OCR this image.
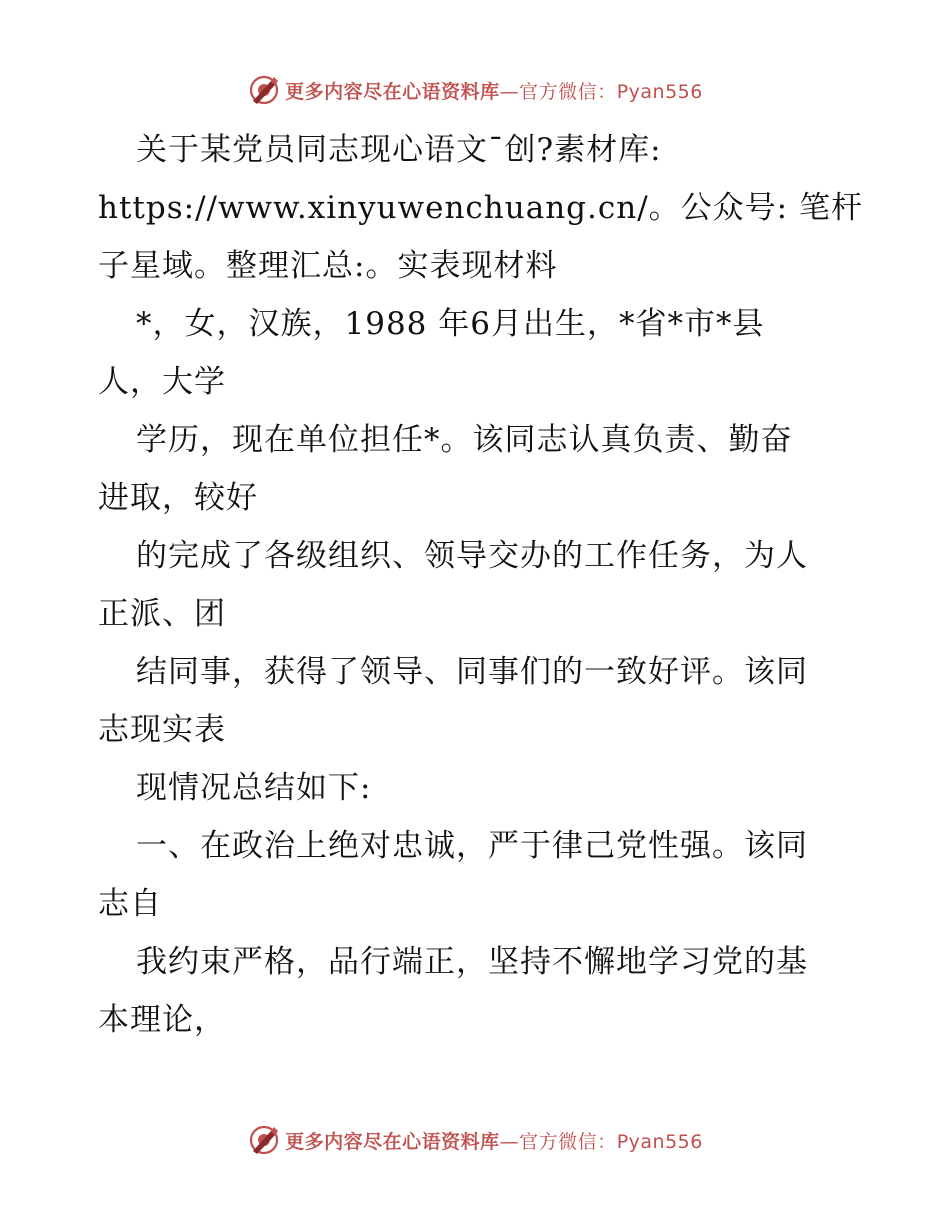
更多内容尽在心语资料库—官方微信：Pyan556
关于某党员同志现心语文¯创?素材库:
https://www.xinyuwenchuang.cn/。公众号: 笔杆
子星域。整理汇总:。实表现材料
*，女，汉族，1988 年6月出生，*省*市*县
人，大学
学历，现在单位担任*。该同志认真负责、勤奋
进取，较好
的完成了各级组织、领导交办的工作任务，为人
正派、团
结同事，获得了领导、同事们的一致好评。该同
志现实表
现情况总结如下:
一、在政治上绝对忠诚，严于律己党性强。该同
志自
我约束严格，品行端正，坚持不懈地学习党的基
本理论，
更多内容尽在心语资料库—官方微信：Pyan556
